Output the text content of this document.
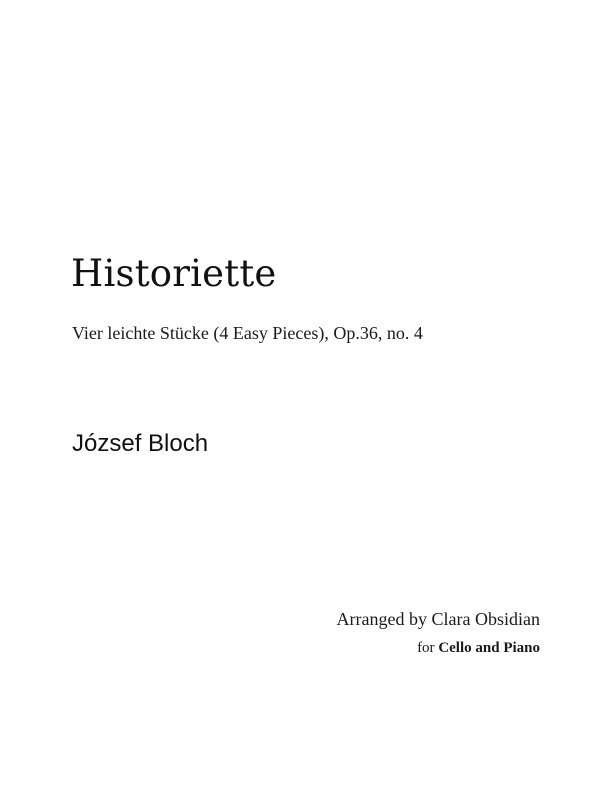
Historiette

Vier leichte Stücke (4 Easy Pieces), Op.36, no. 4

József Bloch

Arranged by Clara Obsidian

for Cello and Piano
